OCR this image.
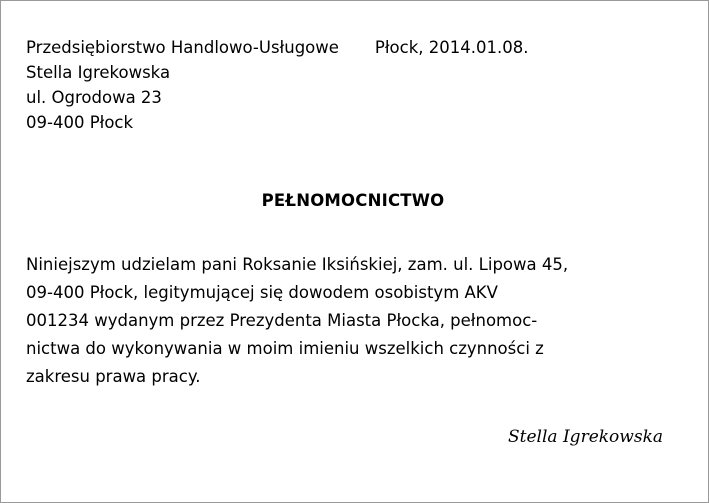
Przedsiębiorstwo Handlowo-Usługowe
Stella Igrekowska
ul. Ogrodowa 23
09-400 Płock
Płock, 2014.01.08.
PEŁNOMOCNICTWO
Niniejszym udzielam pani Roksanie Iksińskiej, zam. ul. Lipowa 45,
09-400 Płock, legitymującej się dowodem osobistym AKV
001234 wydanym przez Prezydenta Miasta Płocka, pełnomoc-
nictwa do wykonywania w moim imieniu wszelkich czynności z
zakresu prawa pracy.
Stella Igrekowska
